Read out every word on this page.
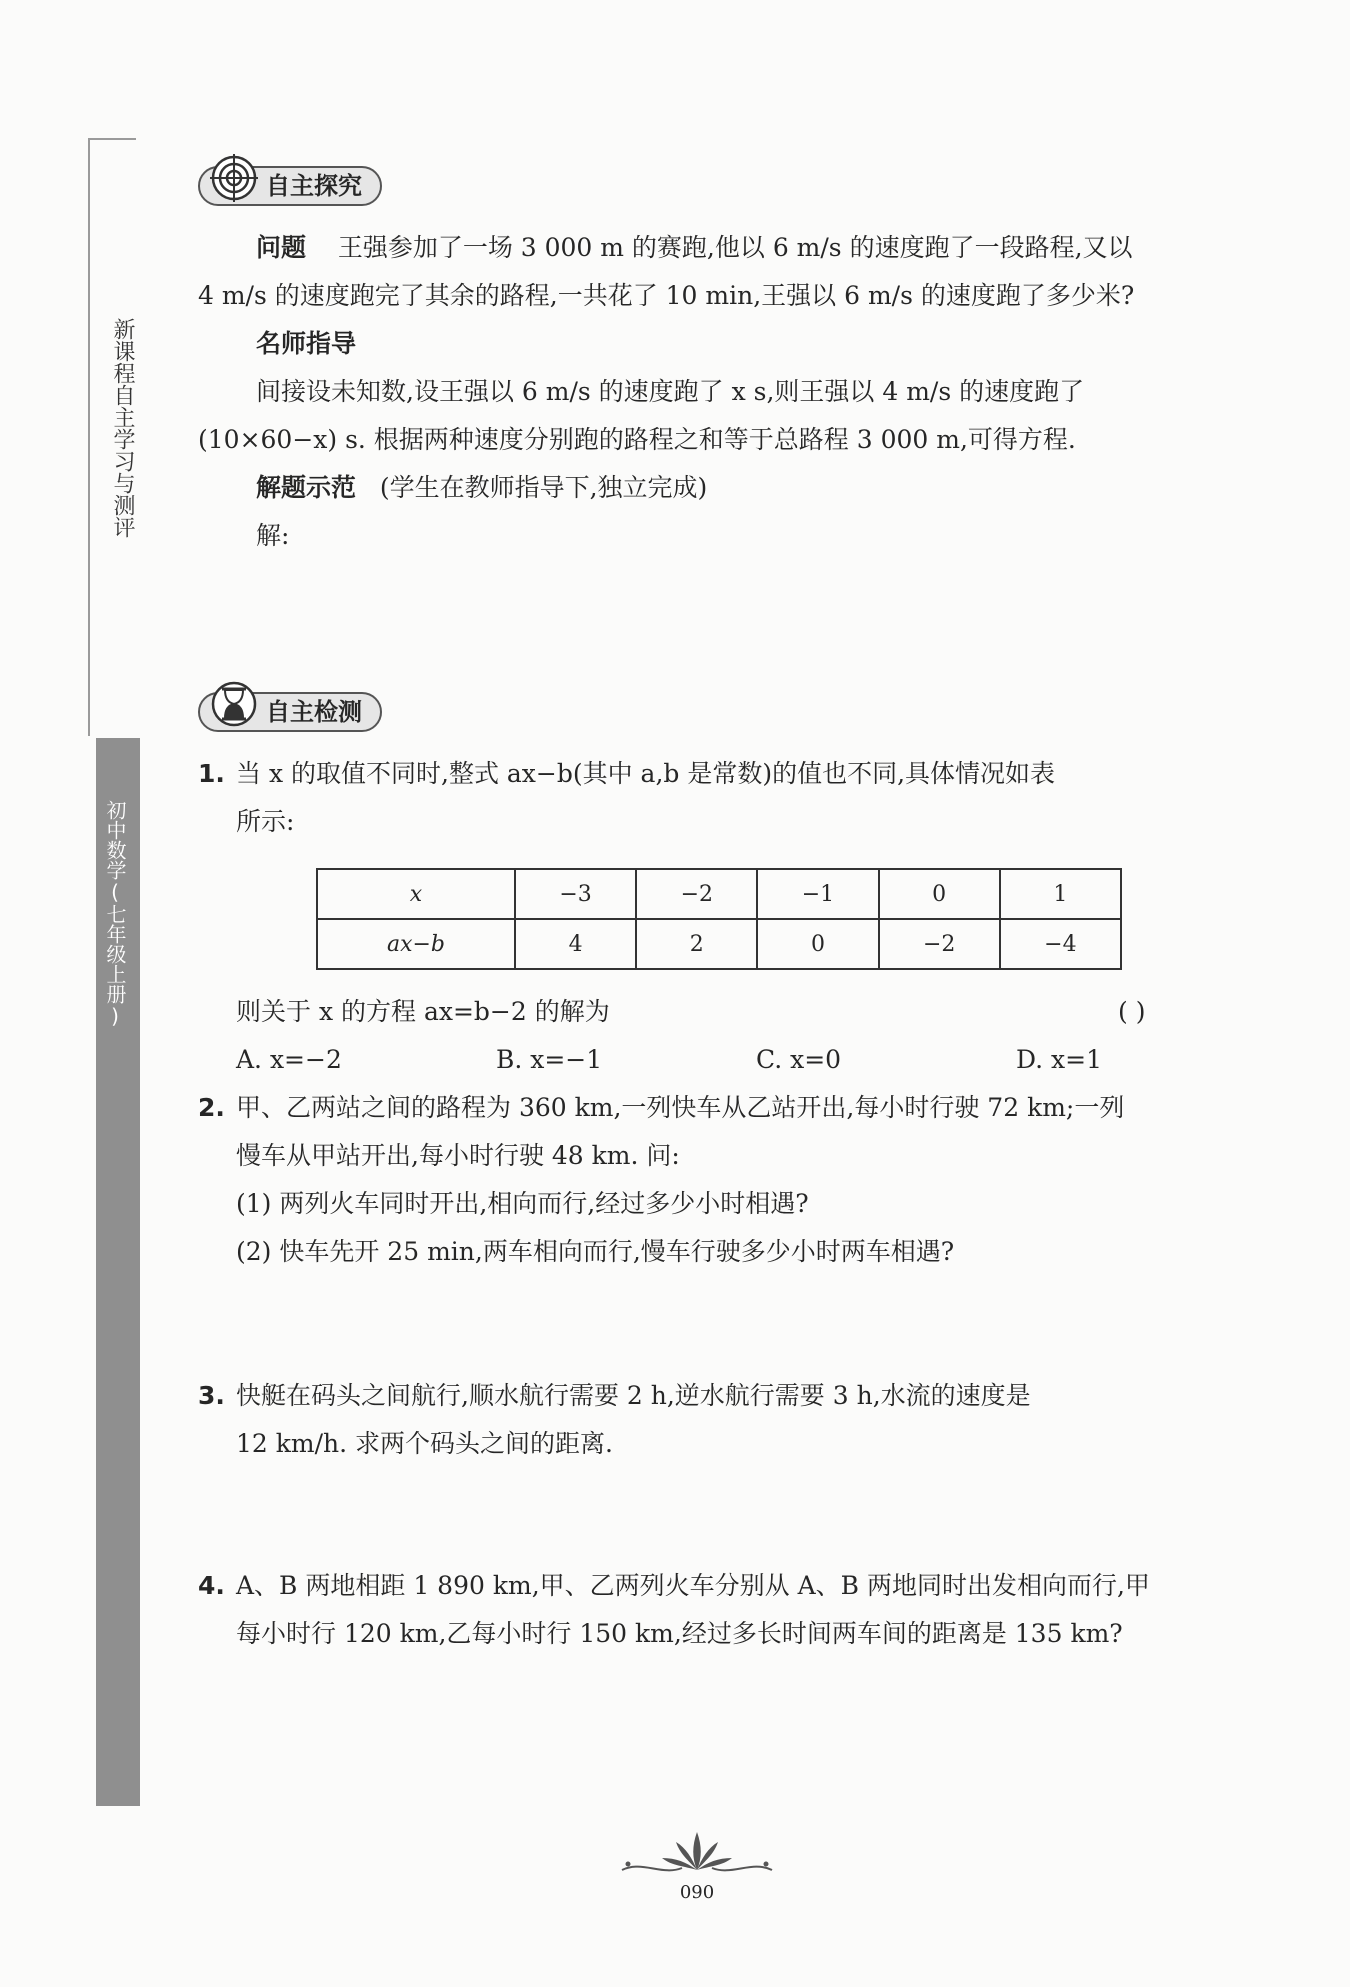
新课程自主学习与测评
初中数学(七年级上册)
自主探究
问题 王强参加了一场 3 000 m 的赛跑,他以 6 m/s 的速度跑了一段路程,又以
4 m/s 的速度跑完了其余的路程,一共花了 10 min,王强以 6 m/s 的速度跑了多少米?
名师指导
间接设未知数,设王强以 6 m/s 的速度跑了 x s,则王强以 4 m/s 的速度跑了
(10×60−x) s. 根据两种速度分别跑的路程之和等于总路程 3 000 m,可得方程.
解题示范 (学生在教师指导下,独立完成)
解:
自主检测
1. 当 x 的取值不同时,整式 ax−b(其中 a,b 是常数)的值也不同,具体情况如表
所示:
x	−3	−2	−1	0	1
ax−b	4	2	0	−2	−4
则关于 x 的方程 ax=b−2 的解为	( )
A. x=−2	B. x=−1	C. x=0	D. x=1
2. 甲、乙两站之间的路程为 360 km,一列快车从乙站开出,每小时行驶 72 km;一列
慢车从甲站开出,每小时行驶 48 km. 问:
(1) 两列火车同时开出,相向而行,经过多少小时相遇?
(2) 快车先开 25 min,两车相向而行,慢车行驶多少小时两车相遇?
3. 快艇在码头之间航行,顺水航行需要 2 h,逆水航行需要 3 h,水流的速度是
12 km/h. 求两个码头之间的距离.
4. A、B 两地相距 1 890 km,甲、乙两列火车分别从 A、B 两地同时出发相向而行,甲
每小时行 120 km,乙每小时行 150 km,经过多长时间两车间的距离是 135 km?
090
